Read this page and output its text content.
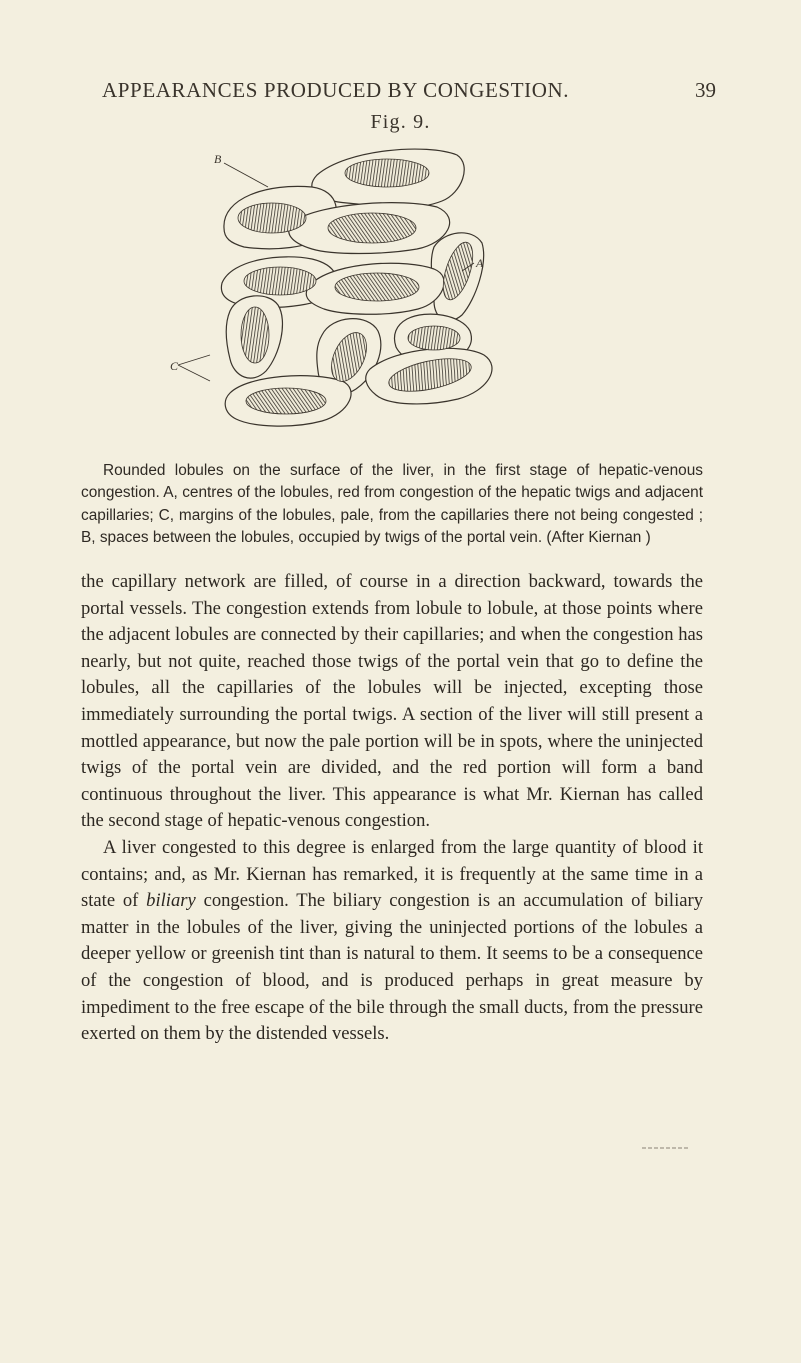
APPEARANCES PRODUCED BY CONGESTION.	39
Fig. 9.
B
A
C

Rounded lobules on the surface of the liver, in the first stage of hepatic-venous congestion. A, centres of the lobules, red from congestion of the hepatic twigs and adjacent capillaries; C, margins of the lobules, pale, from the capillaries there not being congested ; B, spaces between the lobules, occupied by twigs of the portal vein. (After Kiernan )

the capillary network are filled, of course in a direction backward, towards the portal vessels. The congestion extends from lobule to lobule, at those points where the adjacent lobules are connected by their capillaries; and when the congestion has nearly, but not quite, reached those twigs of the portal vein that go to define the lobules, all the capillaries of the lobules will be injected, excepting those immediately surrounding the portal twigs. A section of the liver will still present a mottled appearance, but now the pale portion will be in spots, where the uninjected twigs of the portal vein are divided, and the red portion will form a band continuous throughout the liver. This appearance is what Mr. Kiernan has called the second stage of hepatic-venous congestion.

A liver congested to this degree is enlarged from the large quantity of blood it contains; and, as Mr. Kiernan has remarked, it is frequently at the same time in a state of biliary congestion. The biliary congestion is an accumulation of biliary matter in the lobules of the liver, giving the uninjected portions of the lobules a deeper yellow or greenish tint than is natural to them. It seems to be a consequence of the congestion of blood, and is produced perhaps in great measure by impediment to the free escape of the bile through the small ducts, from the pressure exerted on them by the distended vessels.
